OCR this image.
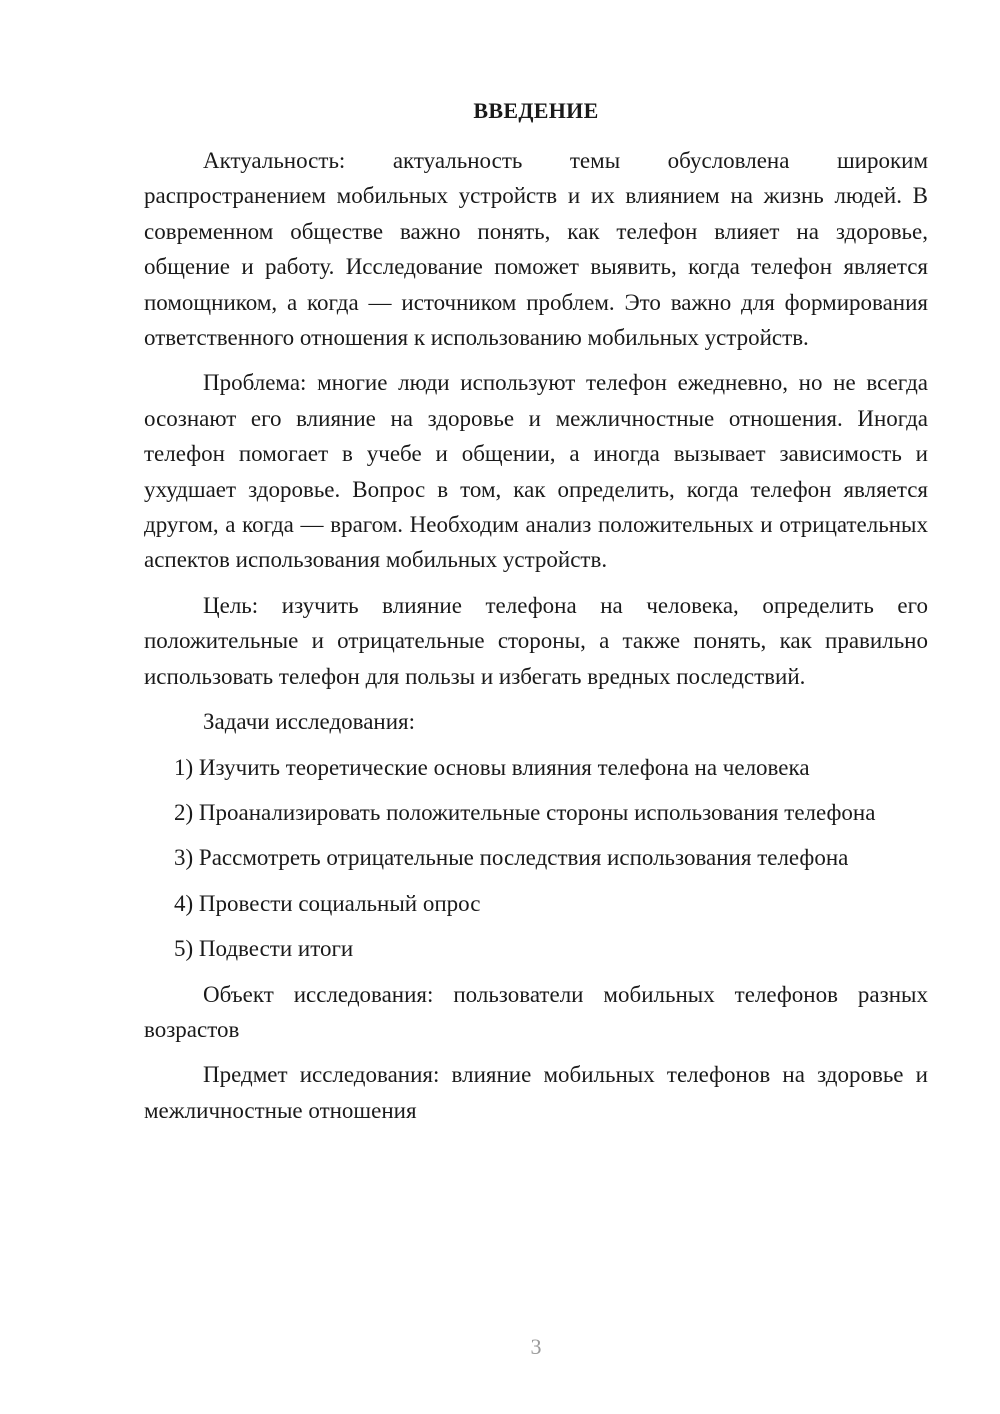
ВВЕДЕНИЕ

Актуальность: актуальность темы обусловлена широким распространением мобильных устройств и их влиянием на жизнь людей. В современном обществе важно понять, как телефон влияет на здоровье, общение и работу. Исследование поможет выявить, когда телефон является помощником, а когда — источником проблем. Это важно для формирования ответственного отношения к использованию мобильных устройств.

Проблема: многие люди используют телефон ежедневно, но не всегда осознают его влияние на здоровье и межличностные отношения. Иногда телефон помогает в учебе и общении, а иногда вызывает зависимость и ухудшает здоровье. Вопрос в том, как определить, когда телефон является другом, а когда — врагом. Необходим анализ положительных и отрицательных аспектов использования мобильных устройств.

Цель: изучить влияние телефона на человека, определить его положительные и отрицательные стороны, а также понять, как правильно использовать телефон для пользы и избегать вредных последствий.

Задачи исследования:

1) Изучить теоретические основы влияния телефона на человека

2) Проанализировать положительные стороны использования телефона

3) Рассмотреть отрицательные последствия использования телефона

4) Провести социальный опрос

5) Подвести итоги

Объект исследования: пользователи мобильных телефонов разных возрастов

Предмет исследования: влияние мобильных телефонов на здоровье и межличностные отношения

3
